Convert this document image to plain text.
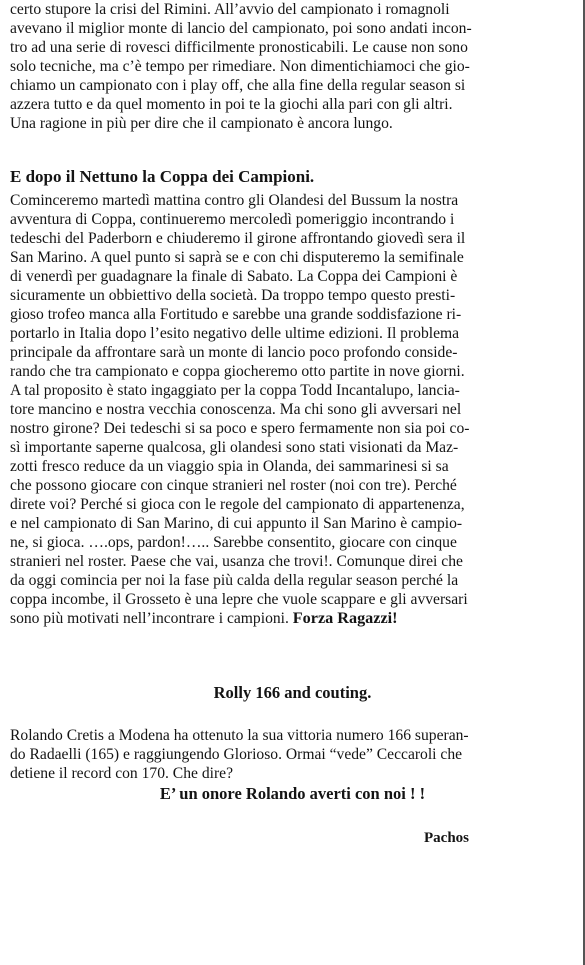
certo stupore la crisi del Rimini. All’avvio del campionato i romagnoli
avevano il miglior monte di lancio del campionato, poi sono andati incon-
tro ad una serie di rovesci difficilmente pronosticabili. Le cause non sono
solo tecniche, ma c’è tempo per rimediare. Non dimentichiamoci che gio-
chiamo un campionato con i play off, che alla fine della regular season si
azzera tutto e da quel momento in poi te la giochi alla pari con gli altri.
Una ragione in più per dire che il campionato è ancora lungo.
E dopo il Nettuno la Coppa dei Campioni.
Cominceremo martedì mattina contro gli Olandesi del Bussum la nostra
avventura di Coppa, continueremo mercoledì pomeriggio incontrando i
tedeschi del Paderborn e chiuderemo il girone affrontando giovedì sera il
San Marino. A quel punto si saprà se e con chi disputeremo la semifinale
di venerdì per guadagnare la finale di Sabato. La Coppa dei Campioni è
sicuramente un obbiettivo della società. Da troppo tempo questo presti-
gioso trofeo manca alla Fortitudo e sarebbe una grande soddisfazione ri-
portarlo in Italia dopo l’esito negativo delle ultime edizioni. Il problema
principale da affrontare sarà un monte di lancio poco profondo conside-
rando che tra campionato e coppa giocheremo otto partite in nove giorni.
A tal proposito è stato ingaggiato per la coppa Todd Incantalupo, lancia-
tore mancino e nostra vecchia conoscenza. Ma chi sono gli avversari nel
nostro girone? Dei tedeschi si sa poco e spero fermamente non sia poi co-
sì importante saperne qualcosa, gli olandesi sono stati visionati da Maz-
zotti fresco reduce da un viaggio spia in Olanda, dei sammarinesi si sa
che possono giocare con cinque stranieri nel roster (noi con tre). Perché
direte voi? Perché si gioca con le regole del campionato di appartenenza,
e nel campionato di San Marino, di cui appunto il San Marino è campio-
ne, si gioca. ….ops, pardon!….. Sarebbe consentito, giocare con cinque
stranieri nel roster. Paese che vai, usanza che trovi!. Comunque direi che
da oggi comincia per noi la fase più calda della regular season perché la
coppa incombe, il Grosseto è una lepre che vuole scappare e gli avversari
sono più motivati nell’incontrare i campioni. Forza Ragazzi!
Rolly 166 and couting.
Rolando Cretis a Modena ha ottenuto la sua vittoria numero 166 superan-
do Radaelli (165) e raggiungendo Glorioso. Ormai “vede” Ceccaroli che
detiene il record con 170. Che dire?
E’ un onore Rolando averti con noi ! !
Pachos
